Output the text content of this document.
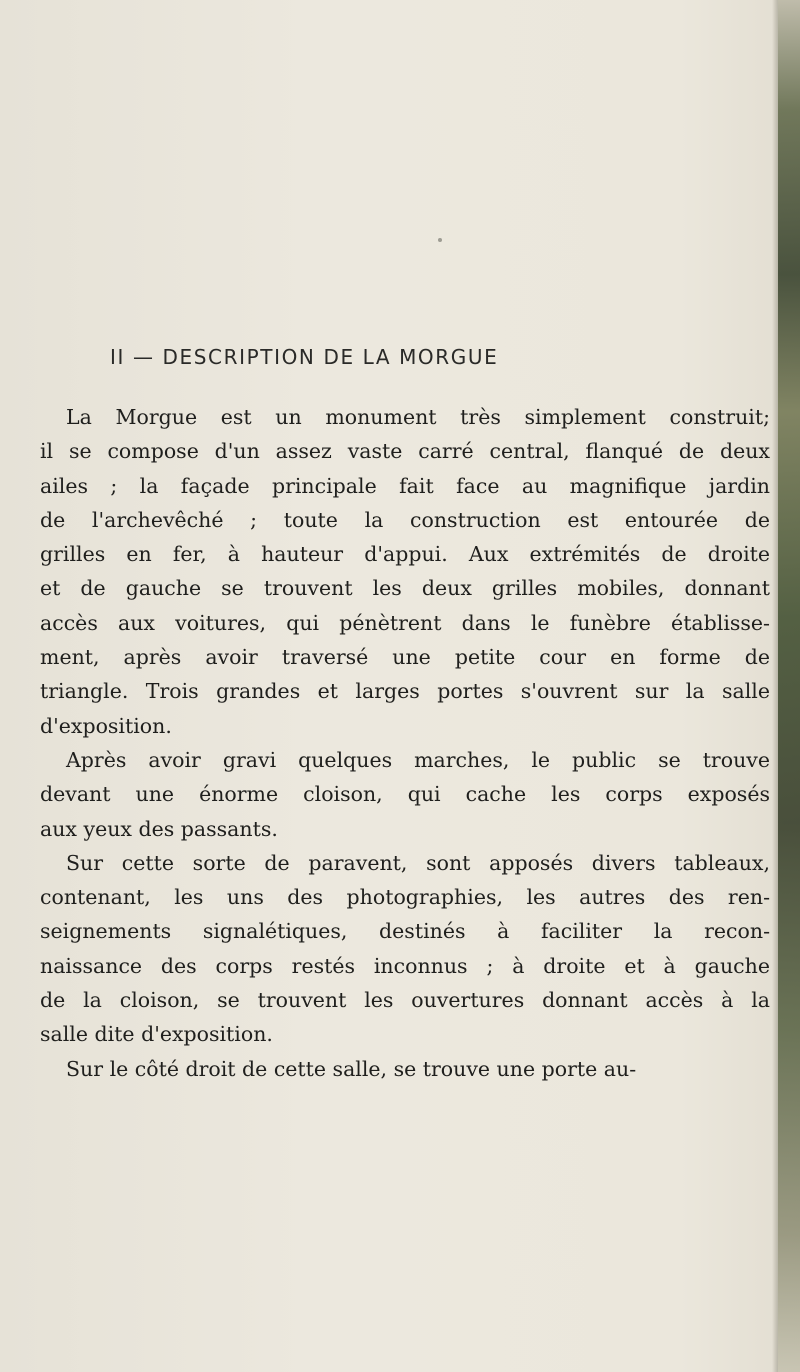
II — DESCRIPTION DE LA MORGUE
La Morgue est un monument très simplement construit;
il se compose d'un assez vaste carré central, flanqué de deux
ailes ; la façade principale fait face au magnifique jardin
de l'archevêché ; toute la construction est entourée de
grilles en fer, à hauteur d'appui. Aux extrémités de droite
et de gauche se trouvent les deux grilles mobiles, donnant
accès aux voitures, qui pénètrent dans le funèbre établisse-
ment, après avoir traversé une petite cour en forme de
triangle. Trois grandes et larges portes s'ouvrent sur la salle
d'exposition.
Après avoir gravi quelques marches, le public se trouve
devant une énorme cloison, qui cache les corps exposés
aux yeux des passants.
Sur cette sorte de paravent, sont apposés divers tableaux,
contenant, les uns des photographies, les autres des ren-
seignements signalétiques, destinés à faciliter la recon-
naissance des corps restés inconnus ; à droite et à gauche
de la cloison, se trouvent les ouvertures donnant accès à la
salle dite d'exposition.
Sur le côté droit de cette salle, se trouve une porte au-
